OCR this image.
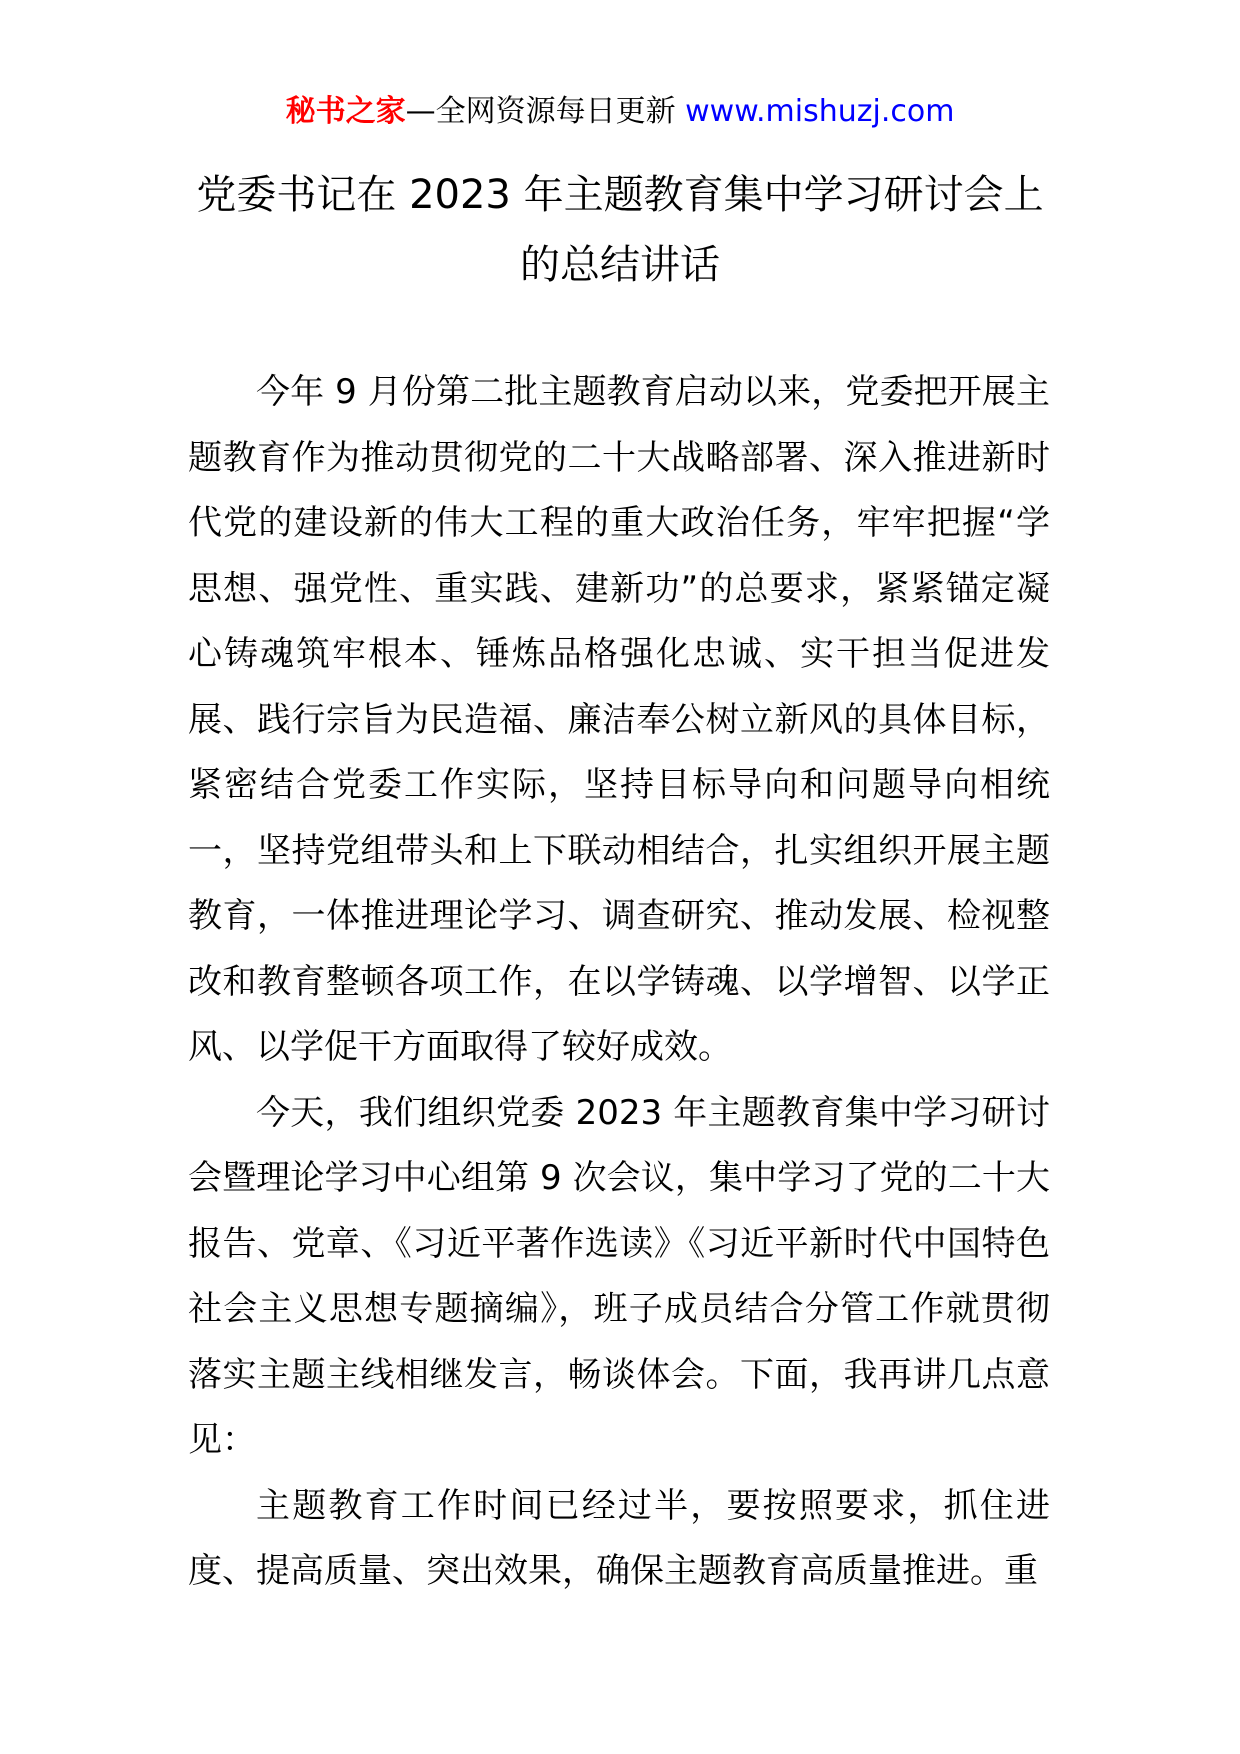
秘书之家—全网资源每日更新 www.mishuzj.com
党委书记在 2023 年主题教育集中学习研讨会上
的总结讲话

今年 9 月份第二批主题教育启动以来，党委把开展主题教育作为推动贯彻党的二十大战略部署、深入推进新时代党的建设新的伟大工程的重大政治任务，牢牢把握“学思想、强党性、重实践、建新功”的总要求，紧紧锚定凝心铸魂筑牢根本、锤炼品格强化忠诚、实干担当促进发展、践行宗旨为民造福、廉洁奉公树立新风的具体目标，紧密结合党委工作实际，坚持目标导向和问题导向相统一，坚持党组带头和上下联动相结合，扎实组织开展主题教育，一体推进理论学习、调查研究、推动发展、检视整改和教育整顿各项工作，在以学铸魂、以学增智、以学正风、以学促干方面取得了较好成效。

今天，我们组织党委 2023 年主题教育集中学习研讨会暨理论学习中心组第 9 次会议，集中学习了党的二十大报告、党章、《习近平著作选读》《习近平新时代中国特色社会主义思想专题摘编》，班子成员结合分管工作就贯彻落实主题主线相继发言，畅谈体会。下面，我再讲几点意见：

主题教育工作时间已经过半，要按照要求，抓住进度、提高质量、突出效果，确保主题教育高质量推进。重
